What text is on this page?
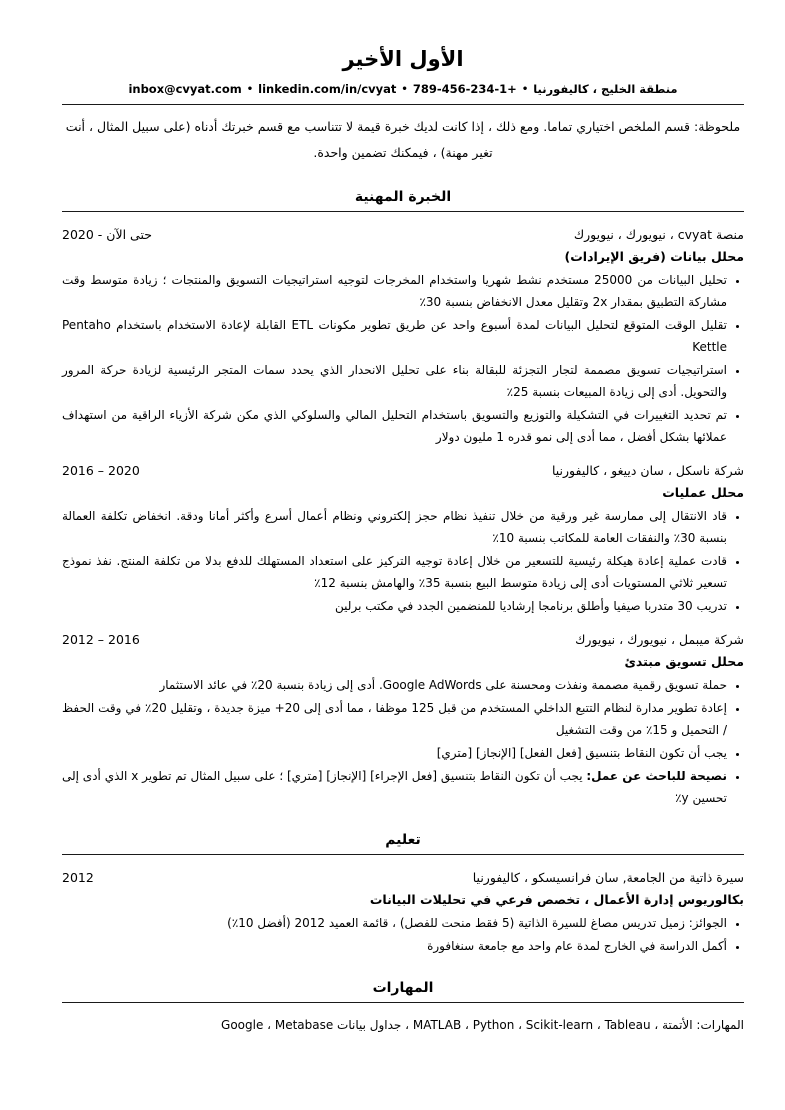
الأول الأخير
inbox@cvyat.com • linkedin.com/in/cvyat • 789-456-234-1+ • منطقة الخليج ، كاليفورنيا

ملحوظة: قسم الملخص اختياري تماما. ومع ذلك ، إذا كانت لديك خبرة قيمة لا تتناسب مع قسم خبرتك أدناه (على سبيل المثال ، أنت تغير مهنة) ، فيمكنك تضمين واحدة.

الخبرة المهنية
منصة cvyat ، نيويورك ، نيويورك
2020 - حتى الآن
محلل بيانات (فريق الإيرادات)
• تحليل البيانات من 25000 مستخدم نشط شهريا واستخدام المخرجات لتوجيه استراتيجيات التسويق والمنتجات ؛ زيادة متوسط وقت مشاركة التطبيق بمقدار 2x وتقليل معدل الانخفاض بنسبة 30٪
• تقليل الوقت المتوقع لتحليل البيانات لمدة أسبوع واحد عن طريق تطوير مكونات ETL القابلة لإعادة الاستخدام باستخدام Pentaho Kettle
• استراتيجيات تسويق مصممة لتجار التجزئة للبقالة بناء على تحليل الانحدار الذي يحدد سمات المتجر الرئيسية لزيادة حركة المرور والتحويل. أدى إلى زيادة المبيعات بنسبة 25٪
• تم تحديد التغييرات في التشكيلة والتوزيع والتسويق باستخدام التحليل المالي والسلوكي الذي مكن شركة الأزياء الراقية من استهداف عملائها بشكل أفضل ، مما أدى إلى نمو قدره 1 مليون دولار
شركة ناسكل ، سان دييغو ، كاليفورنيا
2016 – 2020
محلل عمليات
• قاد الانتقال إلى ممارسة غير ورقية من خلال تنفيذ نظام حجز إلكتروني ونظام أعمال أسرع وأكثر أمانا ودقة. انخفاض تكلفة العمالة بنسبة 30٪ والنفقات العامة للمكاتب بنسبة 10٪
• قادت عملية إعادة هيكلة رئيسية للتسعير من خلال إعادة توجيه التركيز على استعداد المستهلك للدفع بدلا من تكلفة المنتج. نفذ نموذج تسعير ثلاثي المستويات أدى إلى زيادة متوسط البيع بنسبة 35٪ والهامش بنسبة 12٪
• تدريب 30 متدربا صيفيا وأطلق برنامجا إرشاديا للمنضمين الجدد في مكتب برلين
شركة ميبمل ، نيويورك ، نيويورك
2012 – 2016
محلل تسويق مبتدئ
• حملة تسويق رقمية مصممة ونفذت ومحسنة على Google AdWords. أدى إلى زيادة بنسبة 20٪ في عائد الاستثمار
• إعادة تطوير مدارة لنظام التتبع الداخلي المستخدم من قبل 125 موظفا ، مما أدى إلى 20+ ميزة جديدة ، وتقليل 20٪ في وقت الحفظ / التحميل و 15٪ من وقت التشغيل
• يجب أن تكون النقاط بتنسيق [فعل الفعل] [الإنجاز] [متري]
• نصيحة للباحث عن عمل: يجب أن تكون النقاط بتنسيق [فعل الإجراء] [الإنجاز] [متري] ؛ على سبيل المثال تم تطوير x الذي أدى إلى تحسين y٪
تعليم
سيرة ذاتية من الجامعة, سان فرانسيسكو ، كاليفورنيا
2012
بكالوريوس إدارة الأعمال ، تخصص فرعي في تحليلات البيانات
• الجوائز: زميل تدريس مصاغ للسيرة الذاتية (5 فقط منحت للفصل) ، قائمة العميد 2012 (أفضل 10٪)
• أكمل الدراسة في الخارج لمدة عام واحد مع جامعة سنغافورة
المهارات

المهارات: الأتمتة ، MATLAB ، Python ، Scikit-learn ، Tableau ، جداول بيانات Google ، Metabase
